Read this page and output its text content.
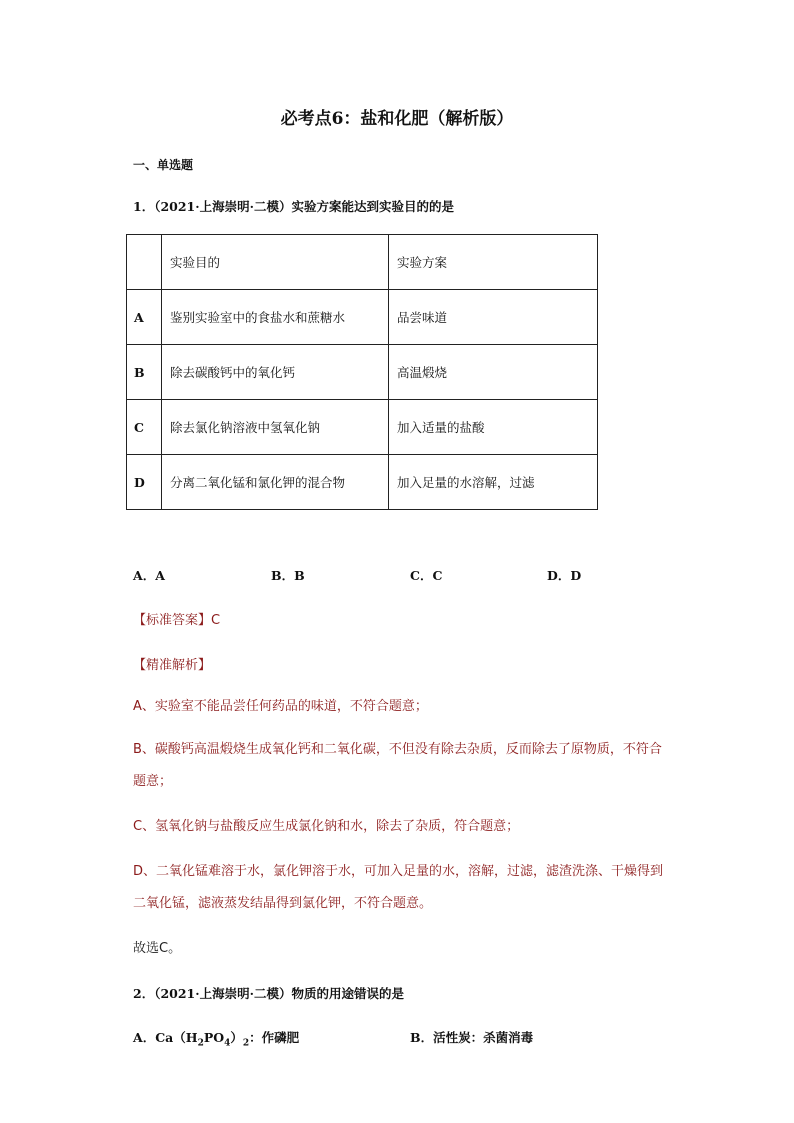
必考点6：盐和化肥（解析版）
一、单选题
1．（2021·上海崇明·二模）实验方案能达到实验目的的是
	实验目的	实验方案
A	鉴别实验室中的食盐水和蔗糖水	品尝味道
B	除去碳酸钙中的氧化钙	高温煅烧
C	除去氯化钠溶液中氢氧化钠	加入适量的盐酸
D	分离二氧化锰和氯化钾的混合物	加入足量的水溶解，过滤
A．A	B．B	C．C	D．D
【标准答案】C
【精准解析】
A、实验室不能品尝任何药品的味道，不符合题意；
B、碳酸钙高温煅烧生成氧化钙和二氧化碳，不但没有除去杂质，反而除去了原物质，不符合题意；
C、氢氧化钠与盐酸反应生成氯化钠和水，除去了杂质，符合题意；
D、二氧化锰难溶于水，氯化钾溶于水，可加入足量的水，溶解，过滤，滤渣洗涤、干燥得到二氧化锰，滤液蒸发结晶得到氯化钾，不符合题意。
故选C。
2．（2021·上海崇明·二模）物质的用途错误的是
A．$Ca(H_2PO_4)_2$：作磷肥	B．活性炭：杀菌消毒
